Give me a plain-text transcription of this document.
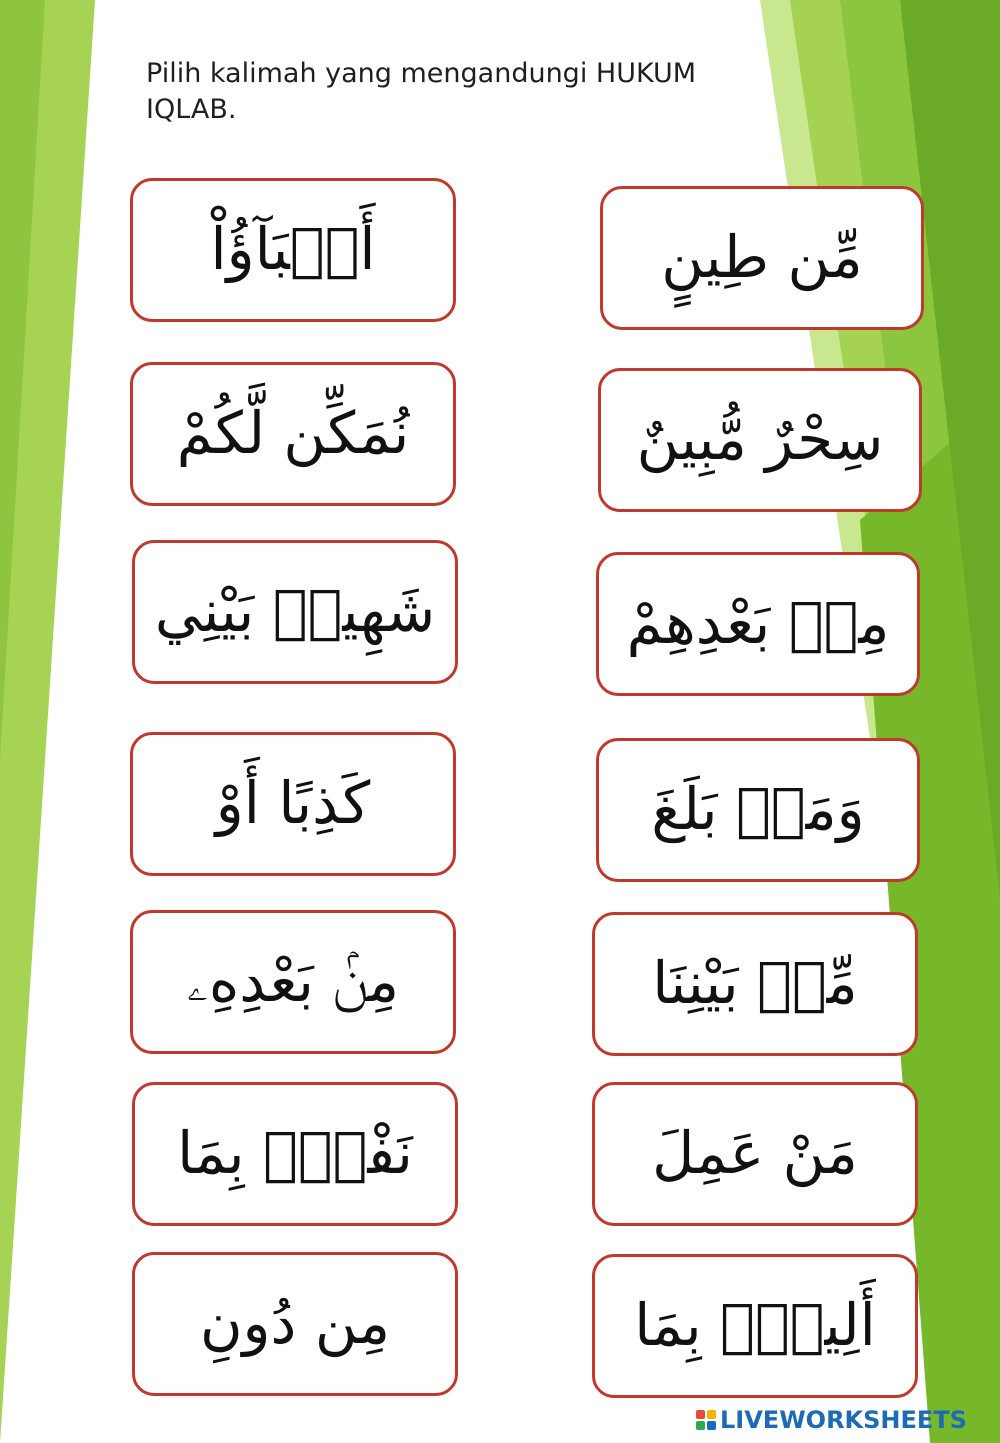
Pilih kalimah yang mengandungi HUKUM IQLAB.
أَنۢبَآؤُاْ	مِّن طِينٍ
نُمَكِّن لَّكُمْ	سِحْرٌ مُّبِينٌ
شَهِيدۢ بَيْنِي	مِنۢ بَعْدِهِمْ
كَذِبًا أَوْ	وَمَنۢ بَلَغَ
مِنۢ بَعْدِهِۦ	مِّنۢ بَيْنِنَا
نَفْسٌۢ بِمَا	مَنْ عَمِلَ
مِن دُونِ	أَلِيمٌۢ بِمَا
LIVEWORKSHEETS
